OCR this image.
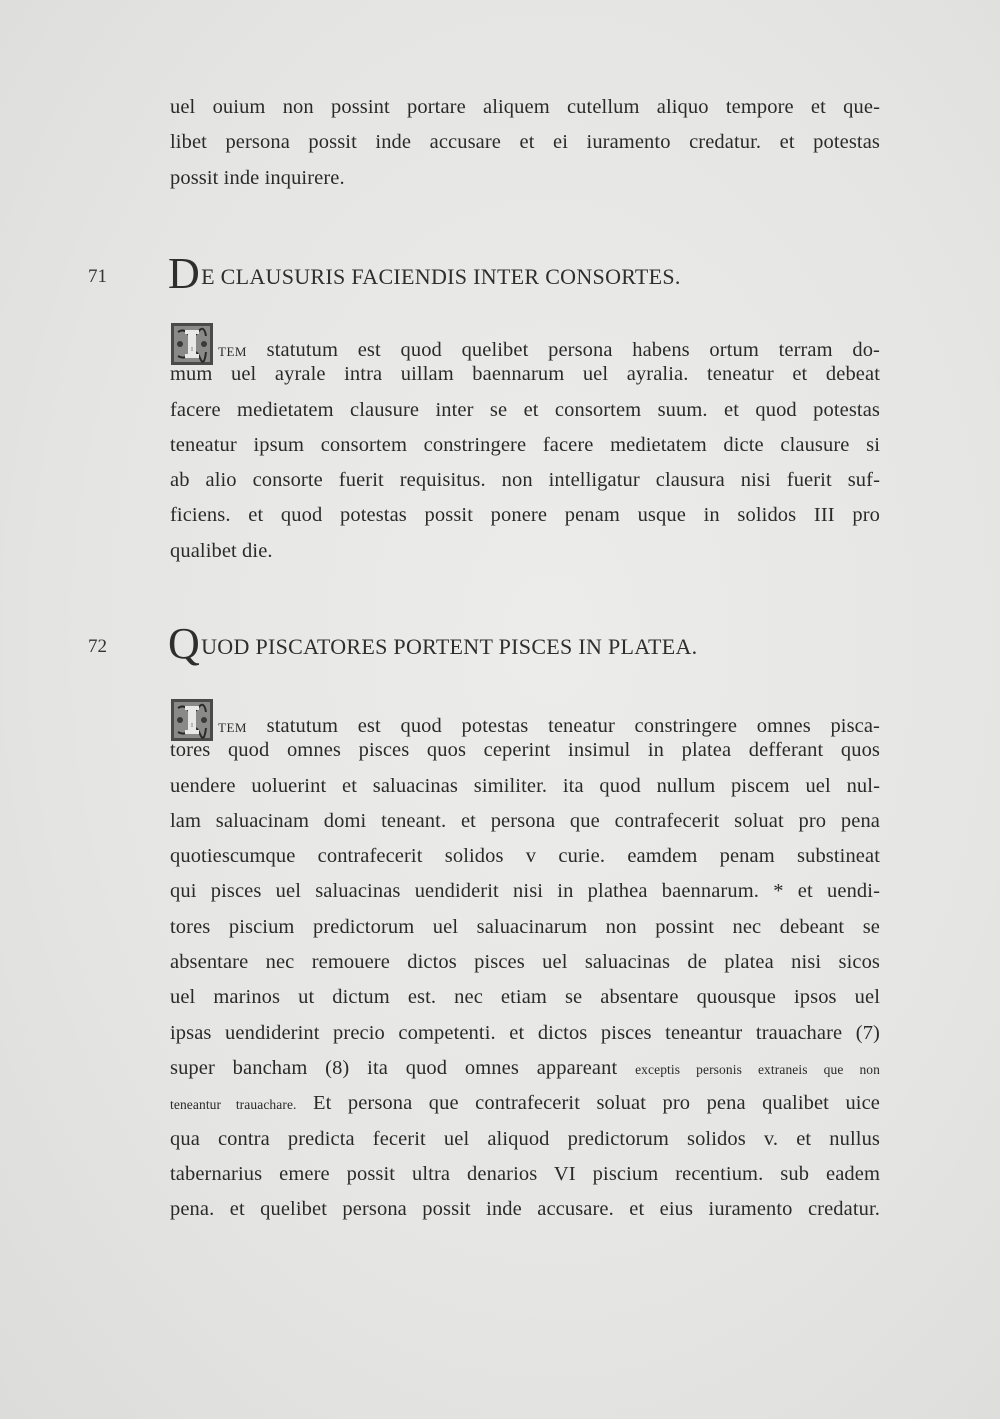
uel ouium non possint portare aliquem cutellum aliquo tempore et que-
libet persona possit inde accusare et ei iuramento credatur. et potestas
possit inde inquirere.
71 DE CLAUSURIS FACIENDIS INTER CONSORTES.
I tem statutum est quod quelibet persona habens ortum terram do-
mum uel ayrale intra uillam baennarum uel ayralia. teneatur et debeat
facere medietatem clausure inter se et consortem suum. et quod potestas
teneatur ipsum consortem constringere facere medietatem dicte clausure si
ab alio consorte fuerit requisitus. non intelligatur clausura nisi fuerit suf-
ficiens. et quod potestas possit ponere penam usque in solidos III pro
qualibet die.
72 QUOD PISCATORES PORTENT PISCES IN PLATEA.
I tem statutum est quod potestas teneatur constringere omnes pisca-
tores quod omnes pisces quos ceperint insimul in platea defferant quos
uendere uoluerint et saluacinas similiter. ita quod nullum piscem uel nul-
lam saluacinam domi teneant. et persona que contrafecerit soluat pro pena
quotiescumque contrafecerit solidos v curie. eamdem penam substineat
qui pisces uel saluacinas uendiderit nisi in plathea baennarum. * et uendi-
tores piscium predictorum uel saluacinarum non possint nec debeant se
absentare nec remouere dictos pisces uel saluacinas de platea nisi sicos
uel marinos ut dictum est. nec etiam se absentare quousque ipsos uel
ipsas uendiderint precio competenti. et dictos pisces teneantur trauachare (7)
super bancham (8) ita quod omnes appareant exceptis personis extraneis que non
teneantur trauachare. Et persona que contrafecerit soluat pro pena qualibet uice
qua contra predicta fecerit uel aliquod predictorum solidos v. et nullus
tabernarius emere possit ultra denarios VI piscium recentium. sub eadem
pena. et quelibet persona possit inde accusare. et eius iuramento credatur.
